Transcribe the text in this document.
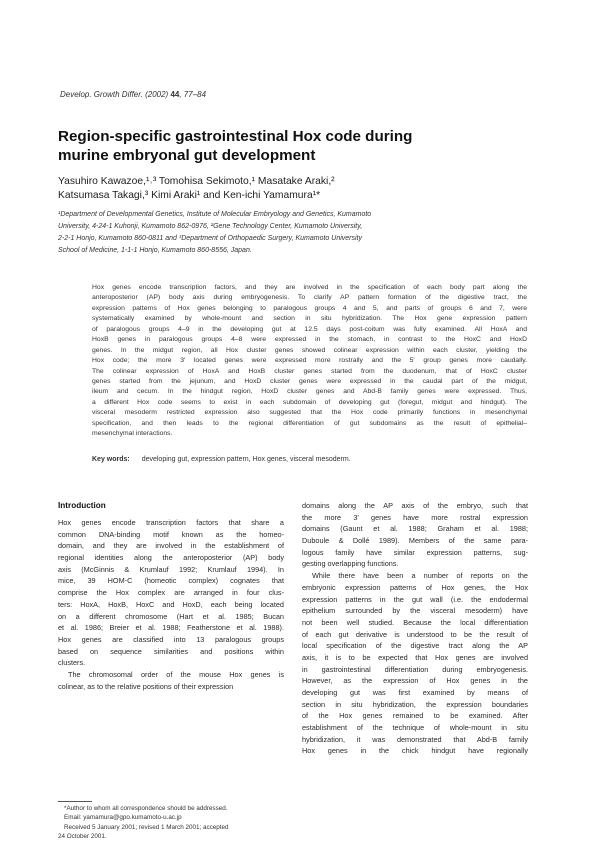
Develop. Growth Differ. (2002) 44, 77–84
Region-specific gastrointestinal Hox code during
murine embryonal gut development
Yasuhiro Kawazoe,¹˒³ Tomohisa Sekimoto,¹ Masatake Araki,²
Katsumasa Takagi,³ Kimi Araki¹ and Ken-ichi Yamamura¹*
¹Department of Developmental Genetics, Institute of Molecular Embryology and Genetics, Kumamoto
University, 4-24-1 Kuhonji, Kumamoto 862-0976, ²Gene Technology Center, Kumamoto University,
2-2-1 Honjo, Kumamoto 860-0811 and ³Department of Orthopaedic Surgery, Kumamoto University
School of Medicine, 1-1-1 Honjo, Kumamoto 860-8556, Japan.
Hox genes encode transcription factors, and they are involved in the specification of each body part along the
anteroposterior (AP) body axis during embryogenesis. To clarify AP pattern formation of the digestive tract, the
expression patterns of Hox genes belonging to paralogous groups 4 and 5, and parts of groups 6 and 7, were
systematically examined by whole-mount and section in situ hybridization. The Hox gene expression pattern
of paralogous groups 4–9 in the developing gut at 12.5 days post-coitum was fully examined. All HoxA and
HoxB genes in paralogous groups 4–8 were expressed in the stomach, in contrast to the HoxC and HoxD
genes. In the midgut region, all Hox cluster genes showed colinear expression within each cluster, yielding the
Hox code; the more 3′ located genes were expressed more rostrally and the 5′ group genes more caudally.
The colinear expression of HoxA and HoxB cluster genes started from the duodenum, that of HoxC cluster
genes started from the jejunum, and HoxD cluster genes were expressed in the caudal part of the midgut,
ileum and cecum. In the hindgut region, HoxD cluster genes and Abd-B family genes were expressed. Thus,
a different Hox code seems to exist in each subdomain of developing gut (foregut, midgut and hindgut). The
visceral mesoderm restricted expression also suggested that the Hox code primarily functions in mesenchymal
specification, and then leads to the regional differentiation of gut subdomains as the result of epithelial–
mesenchymal interactions.
Key words: developing gut, expression pattern, Hox genes, visceral mesoderm.
Introduction
Hox genes encode transcription factors that share a
common DNA-binding motif known as the homeo-
domain, and they are involved in the establishment of
regional identities along the anteroposterior (AP) body
axis (McGinnis & Krumlauf 1992; Krumlauf 1994). In
mice, 39 HOM-C (homeotic complex) cognates that
comprise the Hox complex are arranged in four clus-
ters: HoxA, HoxB, HoxC and HoxD, each being located
on a different chromosome (Hart et al. 1985; Bucan
et al. 1986; Breier et al. 1988; Featherstone et al. 1988).
Hox genes are classified into 13 paralogous groups
based on sequence similarities and positions within
clusters.
The chromosomal order of the mouse Hox genes is
colinear, as to the relative positions of their expression
domains along the AP axis of the embryo, such that
the more 3′ genes have more rostral expression
domains (Gaunt et al. 1988; Graham et al. 1988;
Duboule & Dollé 1989). Members of the same para-
logous family have similar expression patterns, sug-
gesting overlapping functions.
While there have been a number of reports on the
embryonic expression patterns of Hox genes, the Hox
expression patterns in the gut wall (i.e. the endodermal
epithelium surrounded by the visceral mesoderm) have
not been well studied. Because the local differentiation
of each gut derivative is understood to be the result of
local specification of the digestive tract along the AP
axis, it is to be expected that Hox genes are involved
in gastrointestinal differentiation during embryogenesis.
However, as the expression of Hox genes in the
developing gut was first examined by means of
section in situ hybridization, the expression boundaries
of the Hox genes remained to be examined. After
establishment of the technique of whole-mount in situ
hybridization, it was demonstrated that Abd-B family
Hox genes in the chick hindgut have regionally
*Author to whom all correspondence should be addressed.
Email: yamamura@gpo.kumamoto-u.ac.jp
Received 5 January 2001; revised 1 March 2001; accepted
24 October 2001.
